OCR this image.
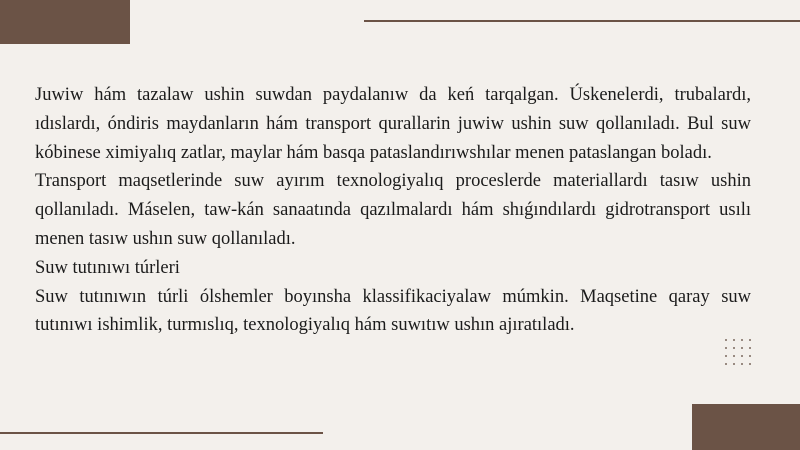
Juwiw hám tazalaw ushin suwdan paydalanıw da keń tarqalgan. Úskenelerdi, trubalardı, ıdıslardı, óndiris maydanların hám transport qurallarin juwiw ushin suw qollanıladı. Bul suw kóbinese ximiyalıq zatlar, maylar hám basqa pataslandırıwshılar menen pataslangan boladı.

Transport maqsetlerinde suw ayırım texnologiyalıq proceslerde materiallardı tasıw ushin qollanıladı. Máselen, taw-kán sanaatında qazılmalardı hám shıǵındılardı gidrotransport usılı menen tasıw ushın suw qollanıladı.

Suw tutınıwı túrleri

Suw tutınıwın túrli ólshemler boyınsha klassifikaciyalaw múmkin. Maqsetine qaray suw tutınıwı ishimlik, turmıslıq, texnologiyalıq hám suwıtıw ushın ajıratıladı.
